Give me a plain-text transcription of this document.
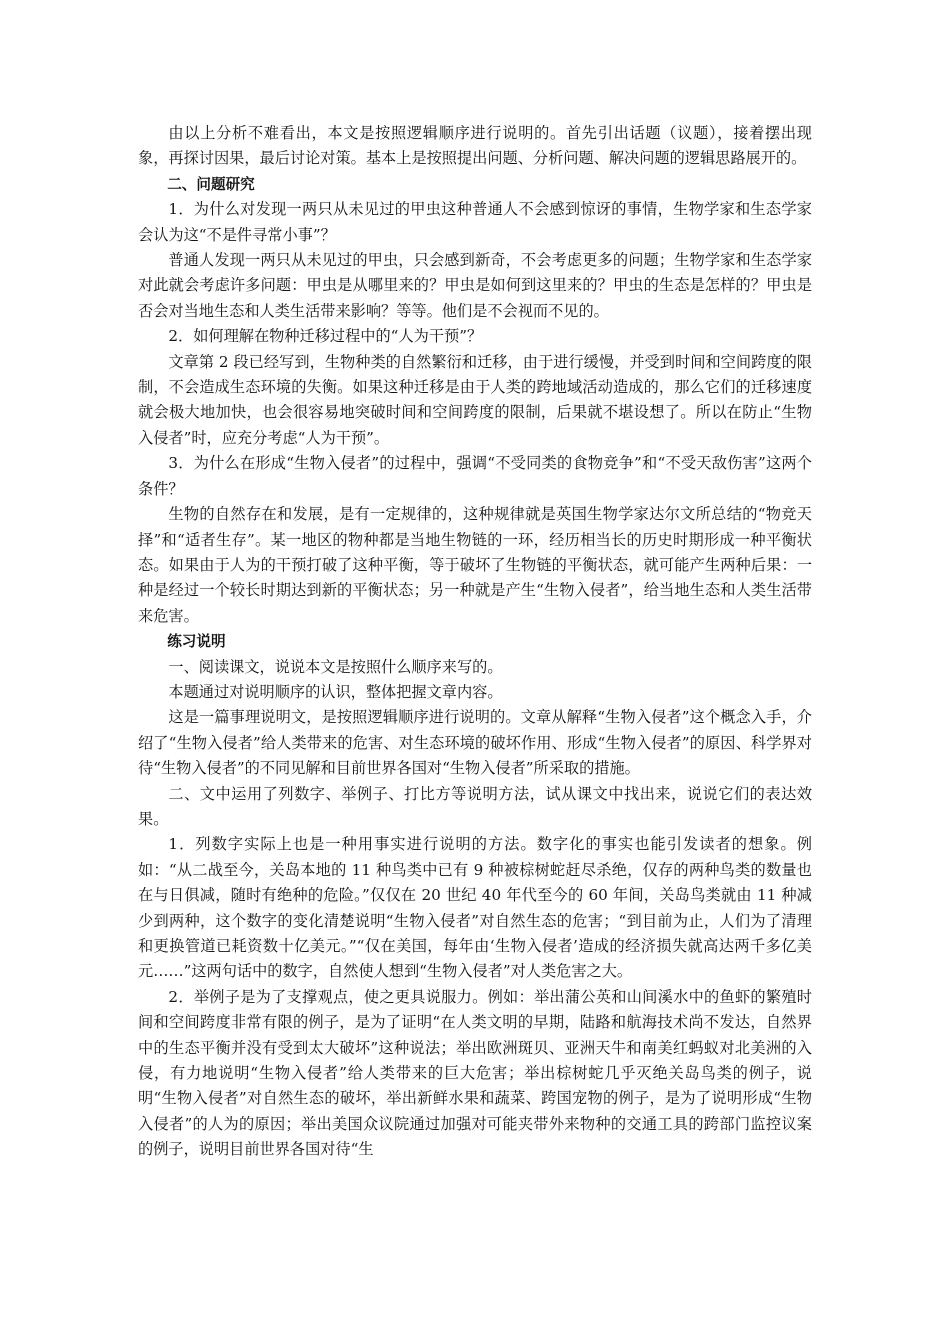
由以上分析不难看出，本文是按照逻辑顺序进行说明的。首先引出话题（议题），接着摆出现象，再探讨因果，最后讨论对策。基本上是按照提出问题、分析问题、解决问题的逻辑思路展开的。

二、问题研究

1．为什么对发现一两只从未见过的甲虫这种普通人不会感到惊讶的事情，生物学家和生态学家会认为这“不是件寻常小事”？

普通人发现一两只从未见过的甲虫，只会感到新奇，不会考虑更多的问题；生物学家和生态学家对此就会考虑许多问题：甲虫是从哪里来的？甲虫是如何到这里来的？甲虫的生态是怎样的？甲虫是否会对当地生态和人类生活带来影响？等等。他们是不会视而不见的。

2．如何理解在物种迁移过程中的“人为干预”？

文章第 2 段已经写到，生物种类的自然繁衍和迁移，由于进行缓慢，并受到时间和空间跨度的限制，不会造成生态环境的失衡。如果这种迁移是由于人类的跨地域活动造成的，那么它们的迁移速度就会极大地加快，也会很容易地突破时间和空间跨度的限制，后果就不堪设想了。所以在防止“生物入侵者”时，应充分考虑“人为干预”。

3．为什么在形成“生物入侵者”的过程中，强调“不受同类的食物竞争”和“不受天敌伤害”这两个条件？

生物的自然存在和发展，是有一定规律的，这种规律就是英国生物学家达尔文所总结的“物竞天择”和“适者生存”。某一地区的物种都是当地生物链的一环，经历相当长的历史时期形成一种平衡状态。如果由于人为的干预打破了这种平衡，等于破坏了生物链的平衡状态，就可能产生两种后果：一种是经过一个较长时期达到新的平衡状态；另一种就是产生“生物入侵者”，给当地生态和人类生活带来危害。

练习说明

一、阅读课文，说说本文是按照什么顺序来写的。

本题通过对说明顺序的认识，整体把握文章内容。

这是一篇事理说明文，是按照逻辑顺序进行说明的。文章从解释“生物入侵者”这个概念入手，介绍了“生物入侵者”给人类带来的危害、对生态环境的破坏作用、形成“生物入侵者”的原因、科学界对待“生物入侵者”的不同见解和目前世界各国对“生物入侵者”所采取的措施。

二、文中运用了列数字、举例子、打比方等说明方法，试从课文中找出来，说说它们的表达效果。

1．列数字实际上也是一种用事实进行说明的方法。数字化的事实也能引发读者的想象。例如：“从二战至今，关岛本地的 11 种鸟类中已有 9 种被棕树蛇赶尽杀绝，仅存的两种鸟类的数量也在与日俱减，随时有绝种的危险。”仅仅在 20 世纪 40 年代至今的 60 年间，关岛鸟类就由 11 种减少到两种，这个数字的变化清楚说明“生物入侵者”对自然生态的危害；“到目前为止，人们为了清理和更换管道已耗资数十亿美元。”“仅在美国，每年由‘生物入侵者’造成的经济损失就高达两千多亿美元……”这两句话中的数字，自然使人想到“生物入侵者”对人类危害之大。

2．举例子是为了支撑观点，使之更具说服力。例如：举出蒲公英和山间溪水中的鱼虾的繁殖时间和空间跨度非常有限的例子，是为了证明“在人类文明的早期，陆路和航海技术尚不发达，自然界中的生态平衡并没有受到太大破坏”这种说法；举出欧洲斑贝、亚洲天牛和南美红蚂蚁对北美洲的入侵，有力地说明“生物入侵者”给人类带来的巨大危害；举出棕树蛇几乎灭绝关岛鸟类的例子，说明“生物入侵者”对自然生态的破坏，举出新鲜水果和蔬菜、跨国宠物的例子，是为了说明形成“生物入侵者”的人为的原因；举出美国众议院通过加强对可能夹带外来物种的交通工具的跨部门监控议案的例子，说明目前世界各国对待“生
